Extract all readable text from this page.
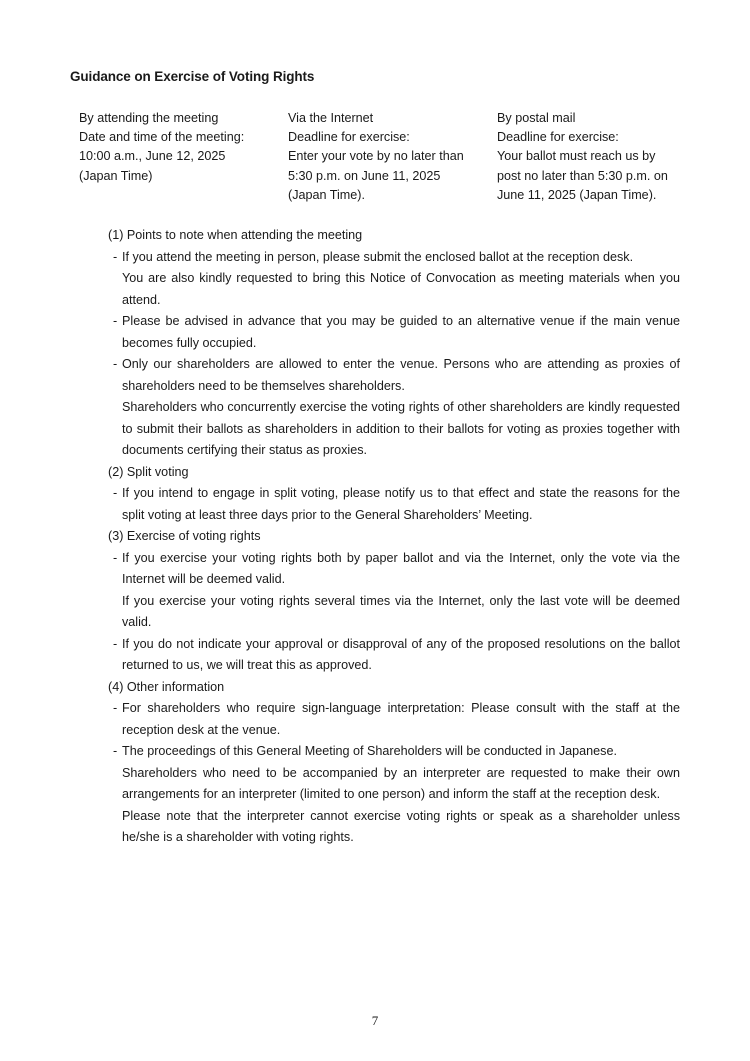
Guidance on Exercise of Voting Rights
By attending the meeting
Date and time of the meeting:
10:00 a.m., June 12, 2025
(Japan Time)
Via the Internet
Deadline for exercise:
Enter your vote by no later than
5:30 p.m. on June 11, 2025
(Japan Time).
By postal mail
Deadline for exercise:
Your ballot must reach us by
post no later than 5:30 p.m. on
June 11, 2025 (Japan Time).
(1) Points to note when attending the meeting
- If you attend the meeting in person, please submit the enclosed ballot at the reception desk.
You are also kindly requested to bring this Notice of Convocation as meeting materials when you attend.
- Please be advised in advance that you may be guided to an alternative venue if the main venue becomes fully occupied.
- Only our shareholders are allowed to enter the venue. Persons who are attending as proxies of shareholders need to be themselves shareholders.
Shareholders who concurrently exercise the voting rights of other shareholders are kindly requested to submit their ballots as shareholders in addition to their ballots for voting as proxies together with documents certifying their status as proxies.
(2) Split voting
- If you intend to engage in split voting, please notify us to that effect and state the reasons for the split voting at least three days prior to the General Shareholders’ Meeting.
(3) Exercise of voting rights
- If you exercise your voting rights both by paper ballot and via the Internet, only the vote via the Internet will be deemed valid.
If you exercise your voting rights several times via the Internet, only the last vote will be deemed valid.
- If you do not indicate your approval or disapproval of any of the proposed resolutions on the ballot returned to us, we will treat this as approved.
(4) Other information
- For shareholders who require sign-language interpretation: Please consult with the staff at the reception desk at the venue.
- The proceedings of this General Meeting of Shareholders will be conducted in Japanese.
Shareholders who need to be accompanied by an interpreter are requested to make their own arrangements for an interpreter (limited to one person) and inform the staff at the reception desk.
Please note that the interpreter cannot exercise voting rights or speak as a shareholder unless he/she is a shareholder with voting rights.
7
